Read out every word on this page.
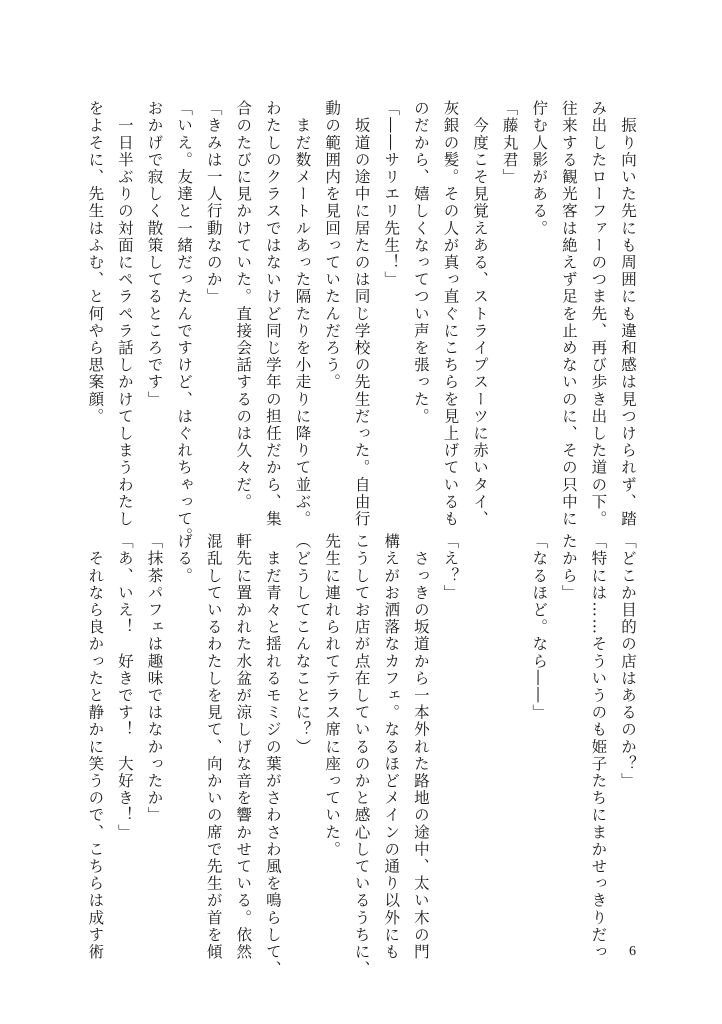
　振り向いた先にも周囲にも違和感は見つけられず、踏
み出したローファーのつま先、再び歩き出した道の下。
往来する観光客は絶えず足を止めないのに、その只中に
佇む人影がある。
「藤丸君」
　今度こそ見覚えある、ストライプスーツに赤いタイ、
灰銀の髪。その人が真っ直ぐにこちらを見上げているも
のだから、嬉しくなってつい声を張った。
「――サリエリ先生！」
　坂道の途中に居たのは同じ学校の先生だった。自由行
動の範囲内を見回っていたんだろう。
　まだ数メートルあった隔たりを小走りに降りて並ぶ。
わたしのクラスではないけど同じ学年の担任だから、集
合のたびに見かけていた。直接会話するのは久々だ。
「きみは一人行動なのか」
「いえ。友達と一緒だったんですけど、はぐれちゃって。
おかげで寂しく散策してるところです」
　一日半ぶりの対面にペラペラ話しかけてしまうわたし
をよそに、先生はふむ、と何やら思案顔。
「どこか目的の店はあるのか？」
「特には……そういうのも姫子たちにまかせっきりだっ
たから」
「なるほど。なら――」
「え？」
　さっきの坂道から一本外れた路地の途中、太い木の門
構えがお洒落なカフェ。なるほどメインの通り以外にも
こうしてお店が点在しているのかと感心しているうちに、
先生に連れられてテラス席に座っていた。
（どうしてこんなことに？）
　まだ青々と揺れるモミジの葉がさわさわ風を鳴らして、
軒先に置かれた水盆が涼しげな音を響かせている。依然
混乱しているわたしを見て、向かいの席で先生が首を傾
げる。
「抹茶パフェは趣味ではなかったか」
「あ、いえ！　好きです！　大好き！」
　それなら良かったと静かに笑うので、こちらは成す術	6
